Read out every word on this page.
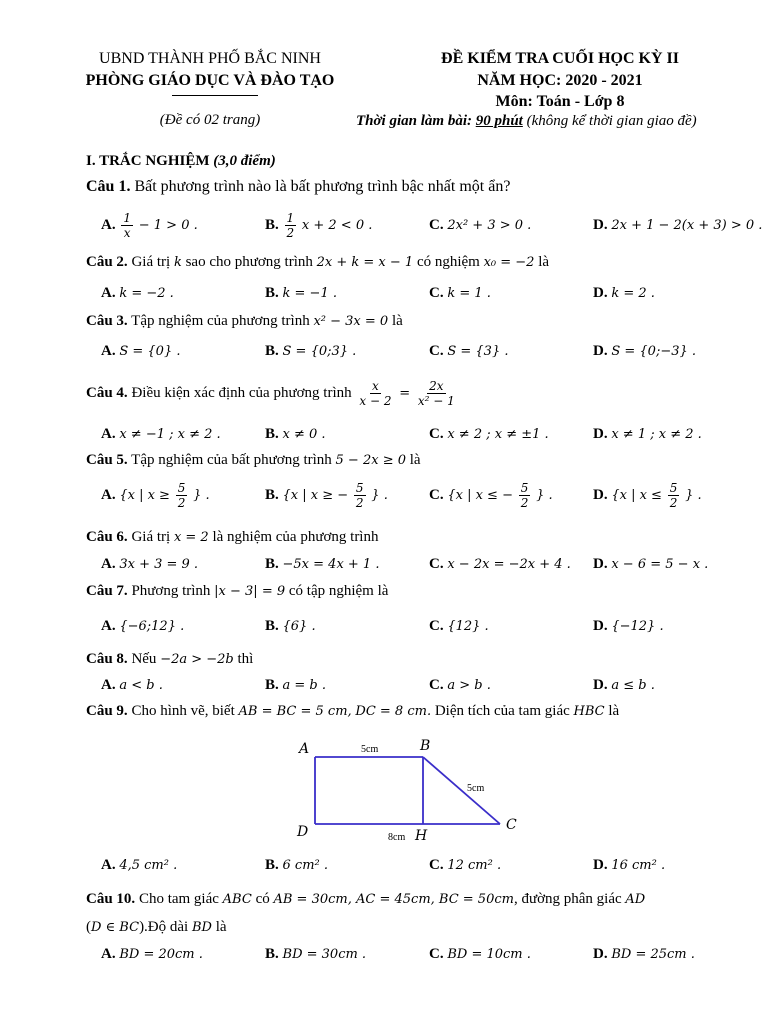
UBND THÀNH PHỐ BẮC NINH
PHÒNG GIÁO DỤC VÀ ĐÀO TẠO
(Đề có 02 trang)
ĐỀ KIỂM TRA CUỐI HỌC KỲ II
NĂM HỌC: 2020 - 2021
Môn: Toán - Lớp 8
Thời gian làm bài: 90 phút (không kể thời gian giao đề)
I. TRẮC NGHIỆM (3,0 điểm)
Câu 1. Bất phương trình nào là bất phương trình bậc nhất một ẩn?
A. $\frac{1}{x} - 1 > 0$ .	B. $\frac{1}{2}$ x + 2 < 0 .	C. 2x² + 3 > 0 .	D. 2x + 1 − 2(x + 3) > 0 .
Câu 2. Giá trị k sao cho phương trình 2x + k = x − 1 có nghiệm x₀ = −2 là
A. k = −2 .	B. k = −1 .	C. k = 1 .	D. k = 2 .
Câu 3. Tập nghiệm của phương trình x² − 3x = 0 là
A. S = {0} .	B. S = {0;3} .	C. S = {3} .	D. S = {0;−3} .
Câu 4. Điều kiện xác định của phương trình $\frac{x}{x - 2} = \frac{2x}{\text{x² − 1}}$
A. x ≠ −1 ; x ≠ 2 .	B. x ≠ 0 .	C. x ≠ 2 ; x ≠ ±1 .	D. x ≠ 1 ; x ≠ 2 .
Câu 5. Tập nghiệm của bất phương trình 5 − 2x ≥ 0 là
A. {x | $x \ge \frac{5}{2}$ } .	B. {x | x ≥ − $\frac{5}{2}$ } .	C. {x | x ≤ − $\frac{5}{2}$ } .	D. {x | $x \le \frac{5}{2}$ } .
Câu 6. Giá trị x = 2 là nghiệm của phương trình
A. 3x + 3 = 9 .	B. −5x = 4x + 1 .	C. x − 2x = −2x + 4 . D. x − 6 = 5 − x .
Câu 7. Phương trình |x − 3| = 9 có tập nghiệm là
A. {−6;12} .	B. {6} .	C. {12} .	D. {−12} .
Câu 8. Nếu −2a > −2b thì
A. a < b .	B. a = b .	C. a > b .	D. a ≤ b .
Câu 9. Cho hình vẽ, biết AB = BC = 5 cm, DC = 8 cm. Diện tích của tam giác HBC là
A	B
C
D	H
5cm
5cm
8cm
A. 4,5 cm² .	B. 6 cm² .	C. 12 cm² .	D. 16 cm² .
Câu 10. Cho tam giác ABC có AB = 30cm, AC = 45cm, BC = 50cm, đường phân giác AD
(D ∈ BC).Độ dài BD là
A. BD = 20cm .	B. BD = 30cm .	C. BD = 10cm .	D. BD = 25cm .
